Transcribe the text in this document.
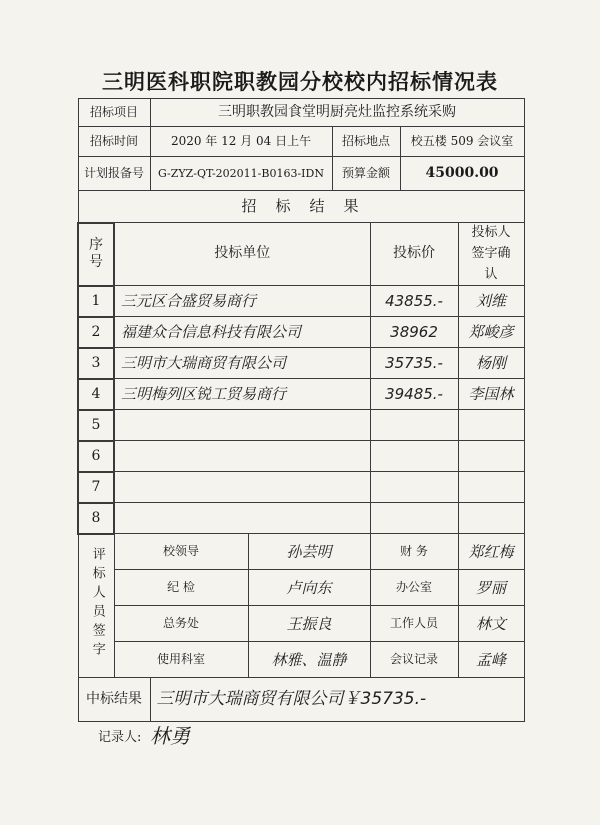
三明医科职院职教园分校校内招标情况表
招标项目		三明职教园食堂明厨亮灶监控系统采购					
招标时间		2020 年 12 月 04 日上午		招标地点		校五楼 509 会议室	
计划报备号		G-ZYZ-QT-202011-B0163-IDN		预算金额		45000.00	
招　标　结　果							
序号	投标单位				投标价		投标人签字确认
1	三元区合盛贸易商行				43855.-		刘维
2	福建众合信息科技有限公司				38962		郑峻彦
3	三明市大瑞商贸有限公司				35735.-		杨刚
4	三明梅列区锐工贸易商行				39485.-		李国林
5							
6							
7							
8							
评标人员签字	校领导		孙芸明		财 务		郑红梅
	纪 检		卢向东		办公室		罗丽
	总务处		王振良		工作人员		林文
	使用科室		林雅、温静		会议记录		孟峰
中标结果		三明市大瑞商贸有限公司￥35735.-					
记录人: 林勇
